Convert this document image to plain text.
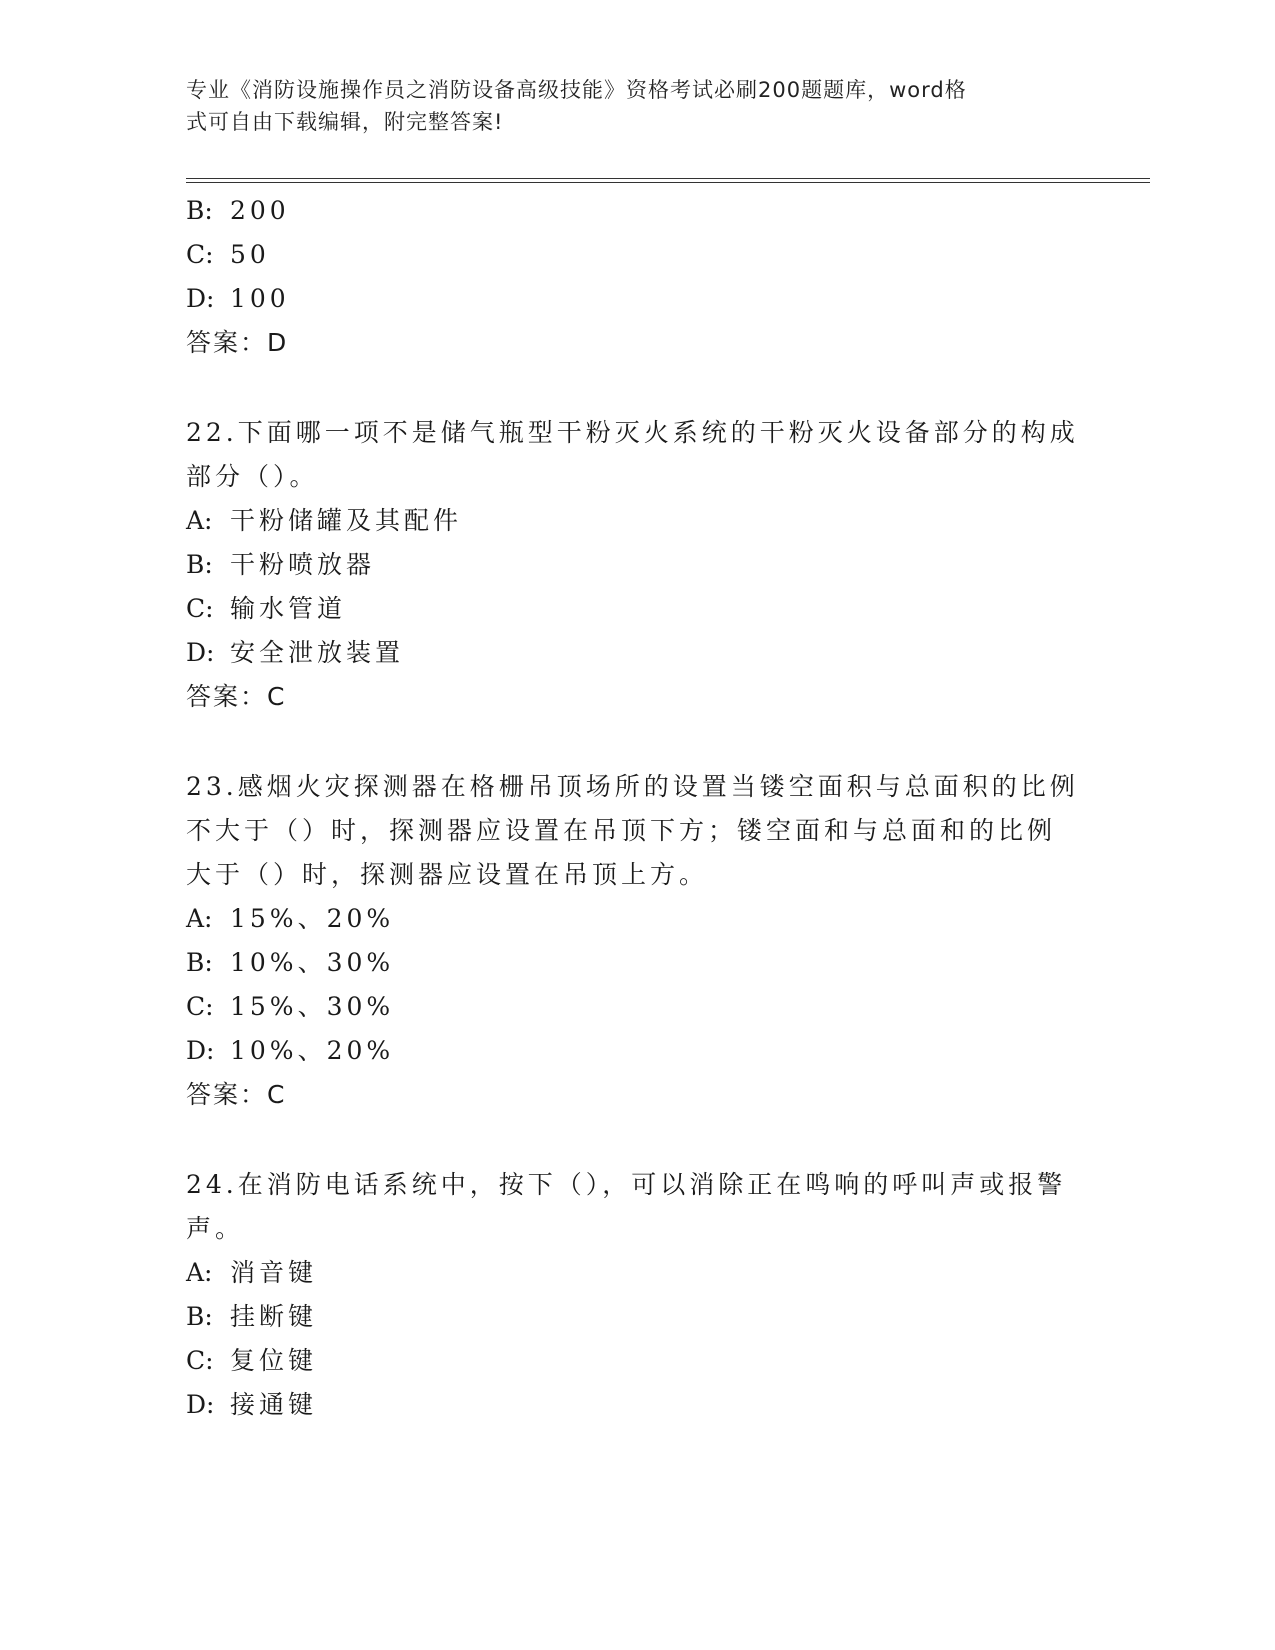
专业《消防设施操作员之消防设备高级技能》资格考试必刷200题题库，word格
式可自由下载编辑，附完整答案!
B: 200
C: 50
D: 100
答案：D
22.下面哪一项不是储气瓶型干粉灭火系统的干粉灭火设备部分的构成
部分（）。
A: 干粉储罐及其配件
B: 干粉喷放器
C: 输水管道
D: 安全泄放装置
答案：C
23.感烟火灾探测器在格栅吊顶场所的设置当镂空面积与总面积的比例
不大于（）时，探测器应设置在吊顶下方；镂空面和与总面和的比例
大于（）时，探测器应设置在吊顶上方。
A: 15%、20%
B: 10%、30%
C: 15%、30%
D: 10%、20%
答案：C
24.在消防电话系统中，按下（），可以消除正在鸣响的呼叫声或报警
声。
A: 消音键
B: 挂断键
C: 复位键
D: 接通键
